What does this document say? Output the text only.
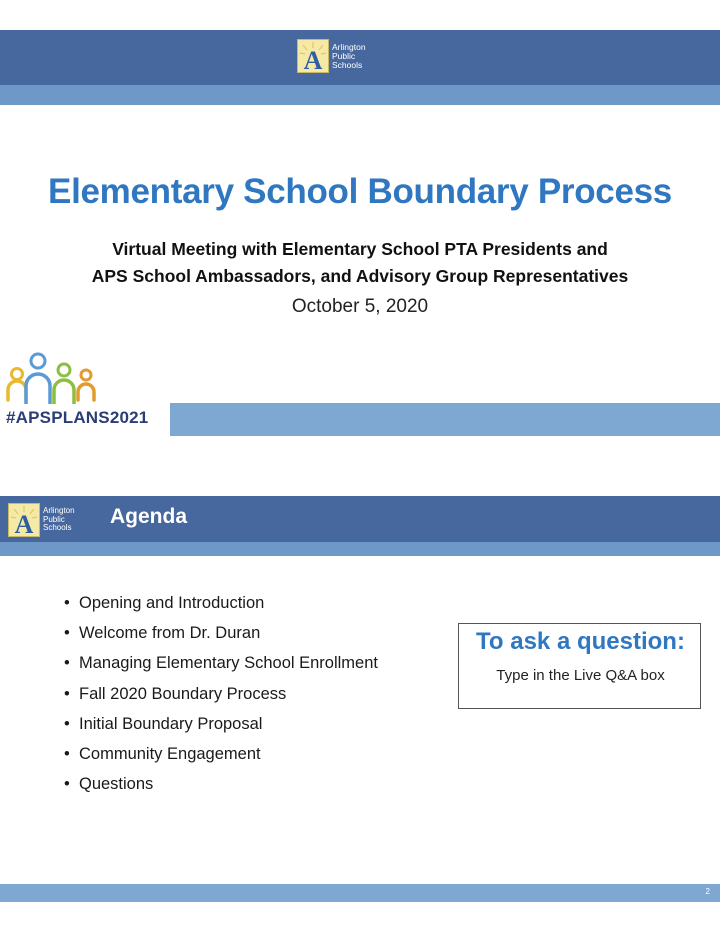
A Arlington
Public
Schools
Elementary School Boundary Process
Virtual Meeting with Elementary School PTA Presidents and
APS School Ambassadors, and Advisory Group Representatives
October 5, 2020
#APSPLANS2021
A Arlington
Public
Schools Agenda
• Opening and Introduction
• Welcome from Dr. Duran
• Managing Elementary School Enrollment
• Fall 2020 Boundary Process
• Initial Boundary Proposal
• Community Engagement
• Questions
To ask a question:
Type in the Live Q&A box
2
